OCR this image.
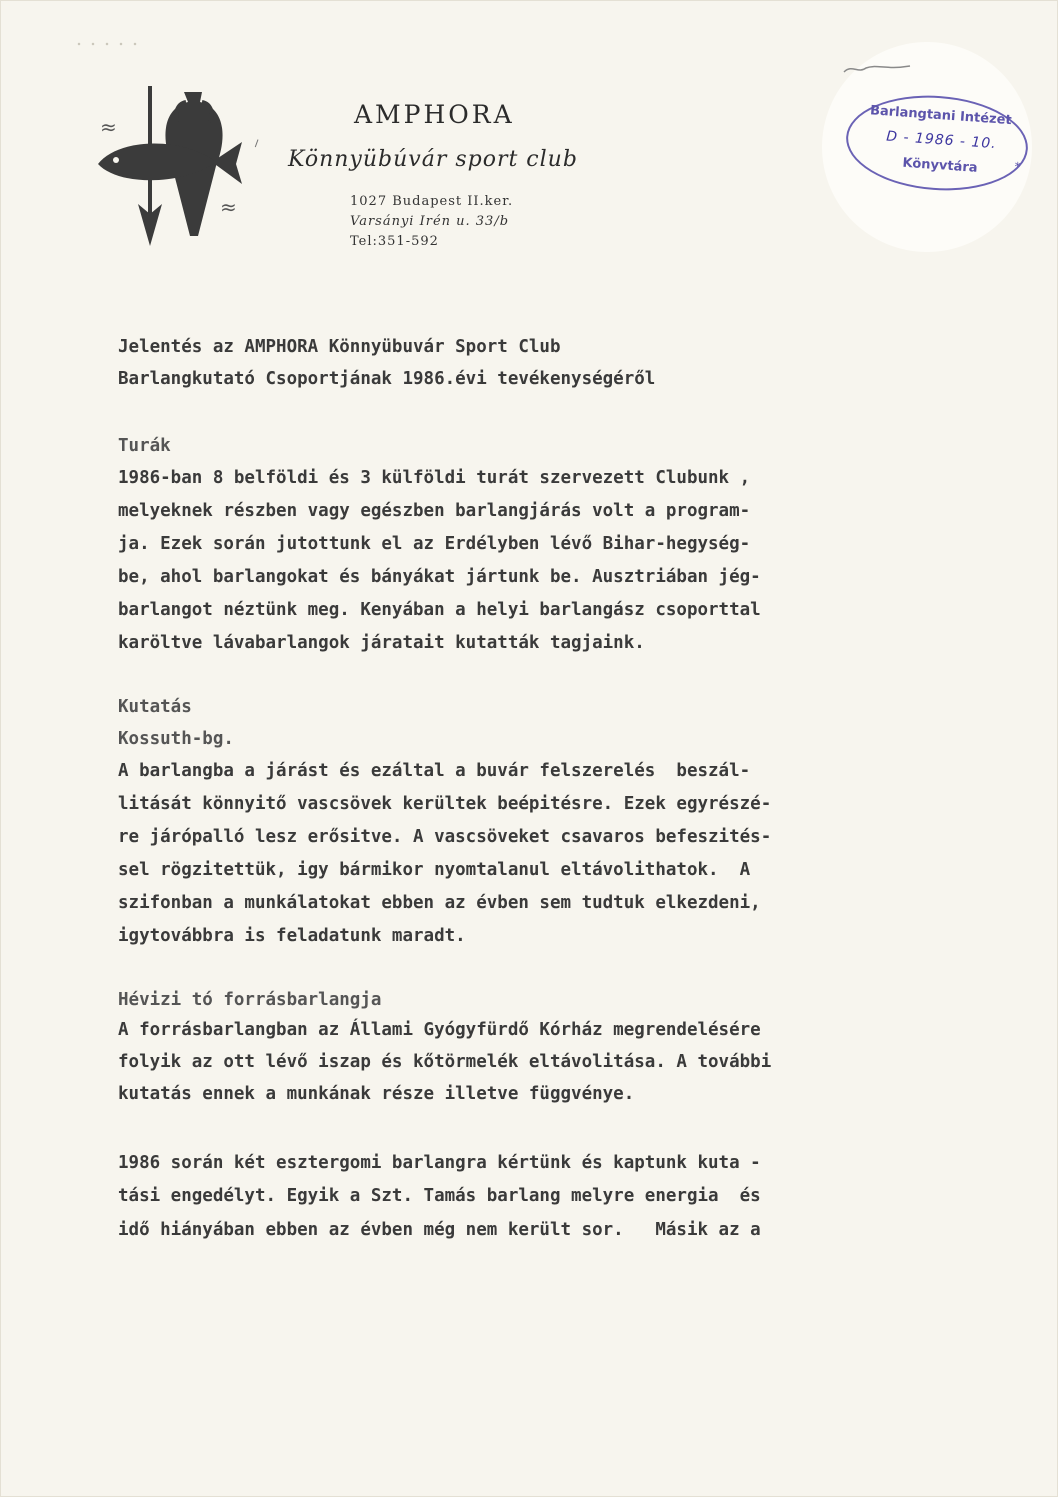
≈
≈
AMPHORA
Könnyübúvár sport club
1027 Budapest II.ker.
Varsányi Irén u. 33/b
Tel:351-592
Barlangtani Intézet
D - 1986 - 10.
Könyvtára	*
Jelentés az AMPHORA Könnyübuvár Sport Club
Barlangkutató Csoportjának 1986.évi tevékenységéről
Turák
1986-ban 8 belföldi és 3 külföldi turát szervezett Clubunk ,
melyeknek részben vagy egészben barlangjárás volt a program-
ja. Ezek során jutottunk el az Erdélyben lévő Bihar-hegység-
be, ahol barlangokat és bányákat jártunk be. Ausztriában jég-
barlangot néztünk meg. Kenyában a helyi barlangász csoporttal
karöltve lávabarlangok járatait kutatták tagjaink.
Kutatás
Kossuth-bg.
A barlangba a járást és ezáltal a buvár felszerelés  beszál-
litását könnyitő vascsövek kerültek beépitésre. Ezek egyrészé-
re járópalló lesz erősitve. A vascsöveket csavaros befeszités-
sel rögzitettük, igy bármikor nyomtalanul eltávolithatok.  A
szifonban a munkálatokat ebben az évben sem tudtuk elkezdeni,
igytovábbra is feladatunk maradt.
Hévizi tó forrásbarlangja
A forrásbarlangban az Állami Gyógyfürdő Kórház megrendelésére
folyik az ott lévő iszap és kőtörmelék eltávolitása. A további
kutatás ennek a munkának része illetve függvénye.
1986 során két esztergomi barlangra kértünk és kaptunk kuta -
tási engedélyt. Egyik a Szt. Tamás barlang melyre energia  és
idő hiányában ebben az évben még nem került sor.   Másik az a
